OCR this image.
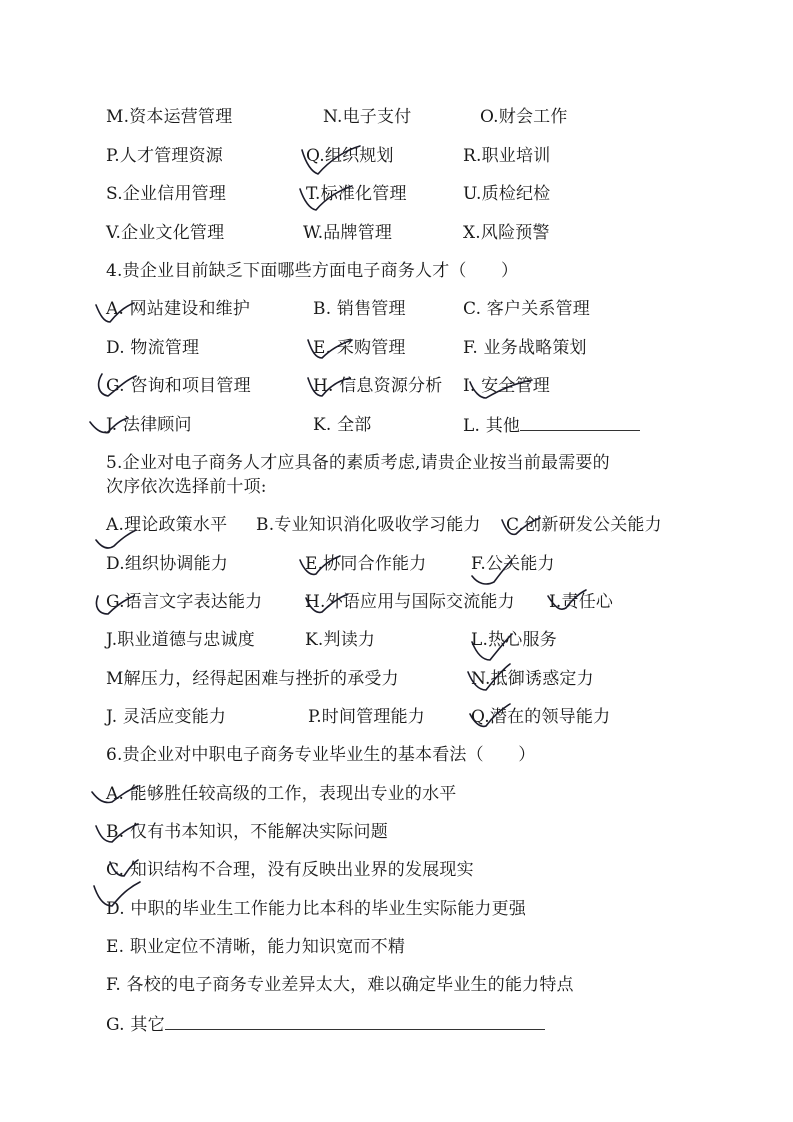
M.资本运营管理	N.电子支付	O.财会工作
P.人才管理资源	Q.组织规划	R.职业培训
S.企业信用管理	T.标准化管理	U.质检纪检
V.企业文化管理	W.品牌管理	X.风险预警
4.贵企业目前缺乏下面哪些方面电子商务人才（　　）
A. 网站建设和维护	B. 销售管理	C. 客户关系管理
D. 物流管理	E. 采购管理	F. 业务战略策划
G. 咨询和项目管理	H. 信息资源分析 I. 安全管理
J. 法律顾问	K. 全部	L. 其他
5.企业对电子商务人才应具备的素质考虑,请贵企业按当前最需要的
次序依次选择前十项:
A.理论政策水平 B.专业知识消化吸收学习能力 C.创新研发公关能力
D.组织协调能力	E.协同合作能力	F.公关能力
G.语言文字表达能力	H.外语应用与国际交流能力 I.责任心
J.职业道德与忠诚度	K.判读力	L.热心服务
M解压力，经得起困难与挫折的承受力	N.抵御诱惑定力
J. 灵活应变能力	P.时间管理能力	Q.潜在的领导能力
6.贵企业对中职电子商务专业毕业生的基本看法（　　）
A. 能够胜任较高级的工作，表现出专业的水平
B. 仅有书本知识，不能解决实际问题
C. 知识结构不合理，没有反映出业界的发展现实
D. 中职的毕业生工作能力比本科的毕业生实际能力更强
E. 职业定位不清晰，能力知识宽而不精
F. 各校的电子商务专业差异太大，难以确定毕业生的能力特点
G. 其它
